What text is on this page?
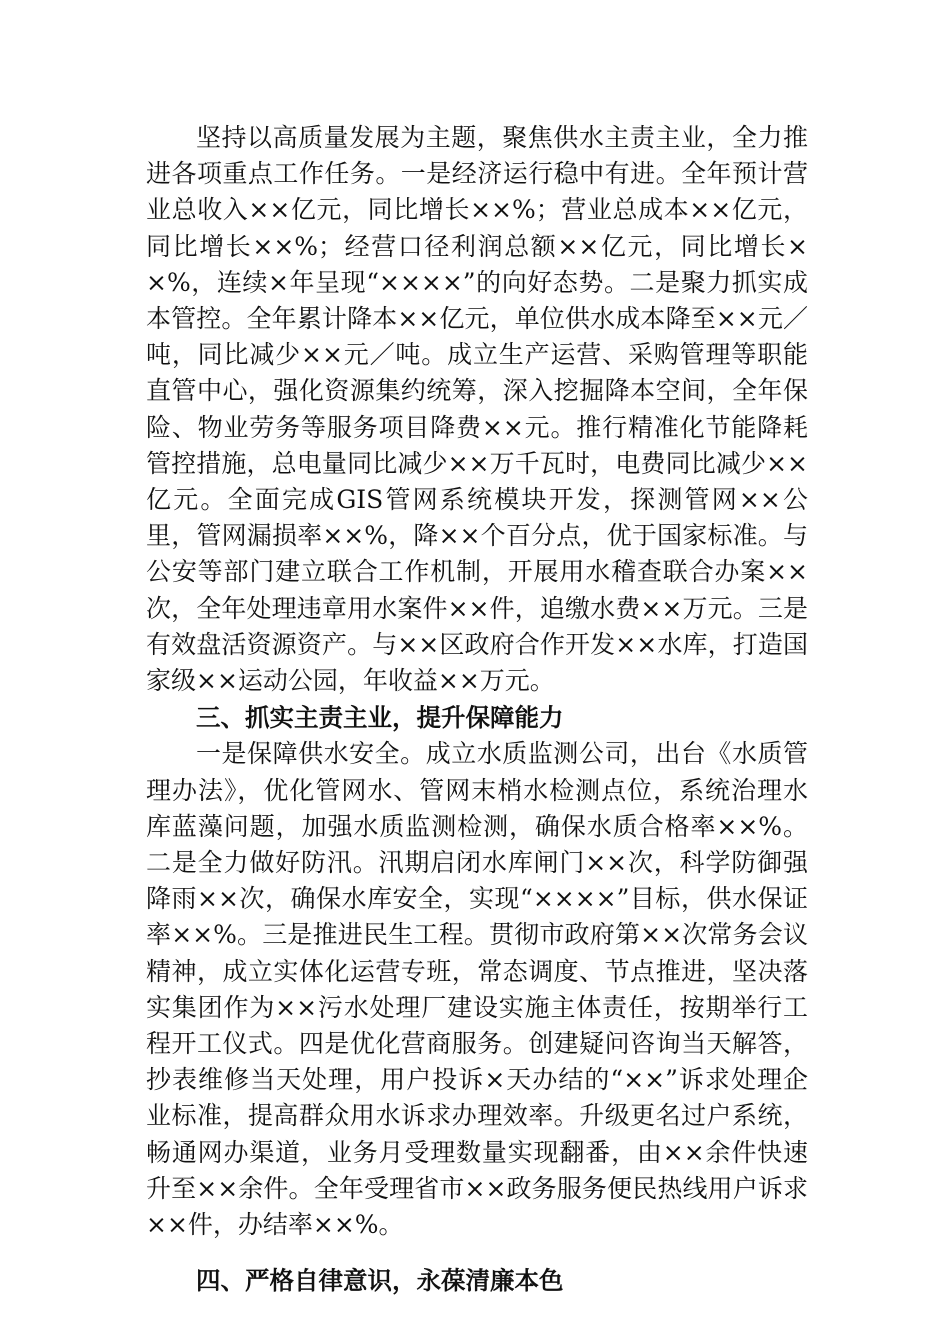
坚持以高质量发展为主题，聚焦供水主责主业，全力推进各项重点工作任务。一是经济运行稳中有进。全年预计营业总收入××亿元，同比增长××%；营业总成本××亿元，同比增长××%；经营口径利润总额××亿元，同比增长××%，连续×年呈现“××××”的向好态势。二是聚力抓实成本管控。全年累计降本××亿元，单位供水成本降至××元／吨，同比减少××元／吨。成立生产运营、采购管理等职能直管中心，强化资源集约统筹，深入挖掘降本空间，全年保险、物业劳务等服务项目降费××元。推行精准化节能降耗管控措施，总电量同比减少××万千瓦时，电费同比减少××亿元。全面完成GIS管网系统模块开发，探测管网××公里，管网漏损率××%，降××个百分点，优于国家标准。与公安等部门建立联合工作机制，开展用水稽查联合办案××次，全年处理违章用水案件××件，追缴水费××万元。三是有效盘活资源资产。与××区政府合作开发××水库，打造国家级××运动公园，年收益××万元。

三、抓实主责主业，提升保障能力

一是保障供水安全。成立水质监测公司，出台《水质管理办法》，优化管网水、管网末梢水检测点位，系统治理水库蓝藻问题，加强水质监测检测，确保水质合格率××%。二是全力做好防汛。汛期启闭水库闸门××次，科学防御强降雨××次，确保水库安全，实现“××××”目标，供水保证率××%。三是推进民生工程。贯彻市政府第××次常务会议精神，成立实体化运营专班，常态调度、节点推进，坚决落实集团作为××污水处理厂建设实施主体责任，按期举行工程开工仪式。四是优化营商服务。创建疑问咨询当天解答，抄表维修当天处理，用户投诉×天办结的“××”诉求处理企业标准，提高群众用水诉求办理效率。升级更名过户系统，畅通网办渠道，业务月受理数量实现翻番，由××余件快速升至××余件。全年受理省市××政务服务便民热线用户诉求××件，办结率××%。

四、严格自律意识，永葆清廉本色
